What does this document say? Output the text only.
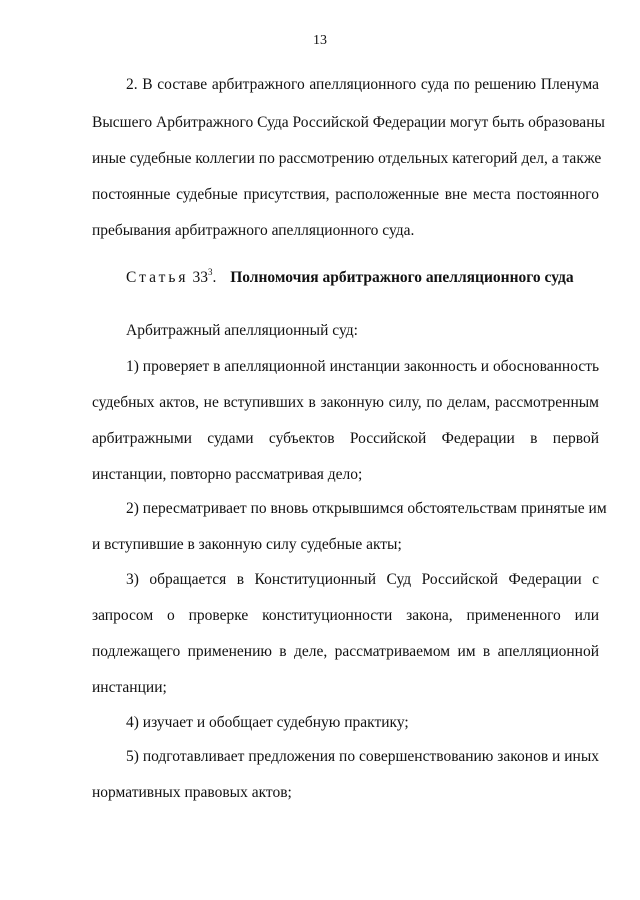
13
2. В составе арбитражного апелляционного суда по решению Пленума
Высшего Арбитражного Суда Российской Федерации могут быть образованы
иные судебные коллегии по рассмотрению отдельных категорий дел, а также
постоянные судебные присутствия, расположенные вне места постоянного
пребывания арбитражного апелляционного суда.
Статья $33^3$. Полномочия арбитражного апелляционного суда
Арбитражный апелляционный суд:
1) проверяет в апелляционной инстанции законность и обоснованность
судебных актов, не вступивших в законную силу, по делам, рассмотренным
арбитражными судами субъектов Российской Федерации в первой
инстанции, повторно рассматривая дело;
2) пересматривает по вновь открывшимся обстоятельствам принятые им
и вступившие в законную силу судебные акты;
3) обращается в Конституционный Суд Российской Федерации с
запросом о проверке конституционности закона, примененного или
подлежащего применению в деле, рассматриваемом им в апелляционной
инстанции;
4) изучает и обобщает судебную практику;
5) подготавливает предложения по совершенствованию законов и иных
нормативных правовых актов;
